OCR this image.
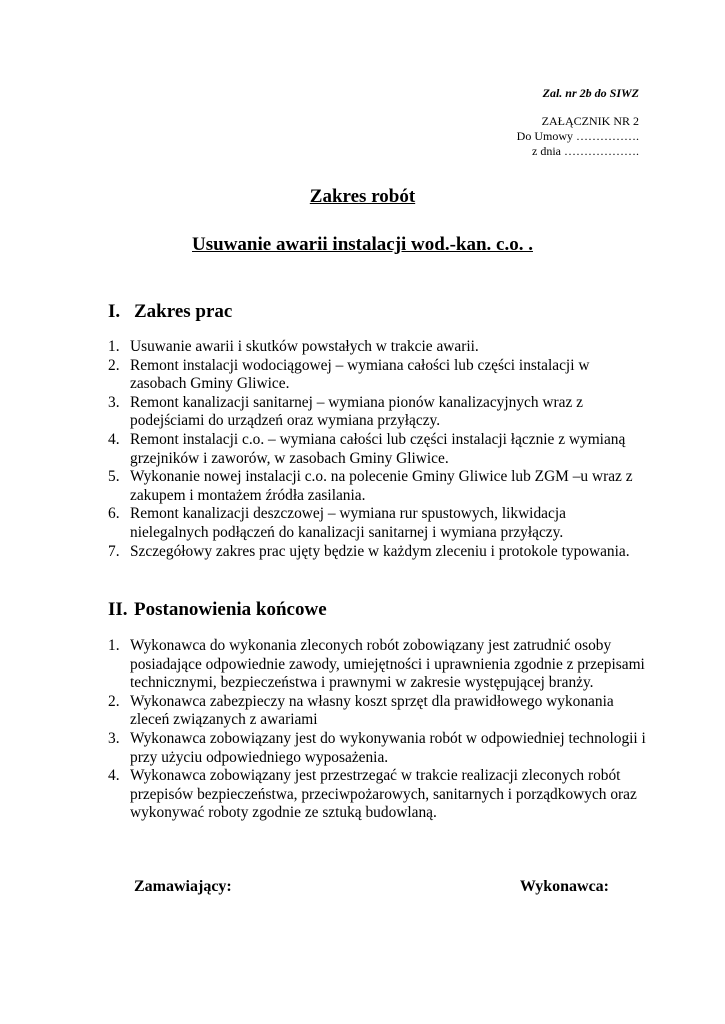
Zal. nr 2b do SIWZ
ZAŁĄCZNIK NR 2
Do Umowy …………….
z dnia ……………….
Zakres robót
Usuwanie awarii instalacji wod.-kan. c.o. .
I. Zakres prac
1. Usuwanie awarii i skutków powstałych w trakcie awarii.
2. Remont instalacji wodociągowej – wymiana całości lub części instalacji w zasobach Gminy Gliwice.
3. Remont kanalizacji sanitarnej – wymiana pionów kanalizacyjnych wraz z podejściami do urządzeń oraz wymiana przyłączy.
4. Remont instalacji c.o. – wymiana całości lub części instalacji łącznie z wymianą grzejników i zaworów, w zasobach Gminy Gliwice.
5. Wykonanie nowej instalacji c.o. na polecenie Gminy Gliwice lub ZGM –u wraz z zakupem i montażem źródła zasilania.
6. Remont kanalizacji deszczowej – wymiana rur spustowych, likwidacja nielegalnych podłączeń do kanalizacji sanitarnej i wymiana przyłączy.
7. Szczegółowy zakres prac ujęty będzie w każdym zleceniu i protokole typowania.
II. Postanowienia końcowe
1. Wykonawca do wykonania zleconych robót zobowiązany jest zatrudnić osoby posiadające odpowiednie zawody, umiejętności i uprawnienia zgodnie z przepisami technicznymi, bezpieczeństwa i prawnymi w zakresie występującej branży.
2. Wykonawca zabezpieczy na własny koszt sprzęt dla prawidłowego wykonania zleceń związanych z awariami
3. Wykonawca zobowiązany jest do wykonywania robót w odpowiedniej technologii i przy użyciu odpowiedniego wyposażenia.
4. Wykonawca zobowiązany jest przestrzegać w trakcie realizacji zleconych robót przepisów bezpieczeństwa, przeciwpożarowych, sanitarnych i porządkowych oraz wykonywać roboty zgodnie ze sztuką budowlaną.
Zamawiający:	Wykonawca:
